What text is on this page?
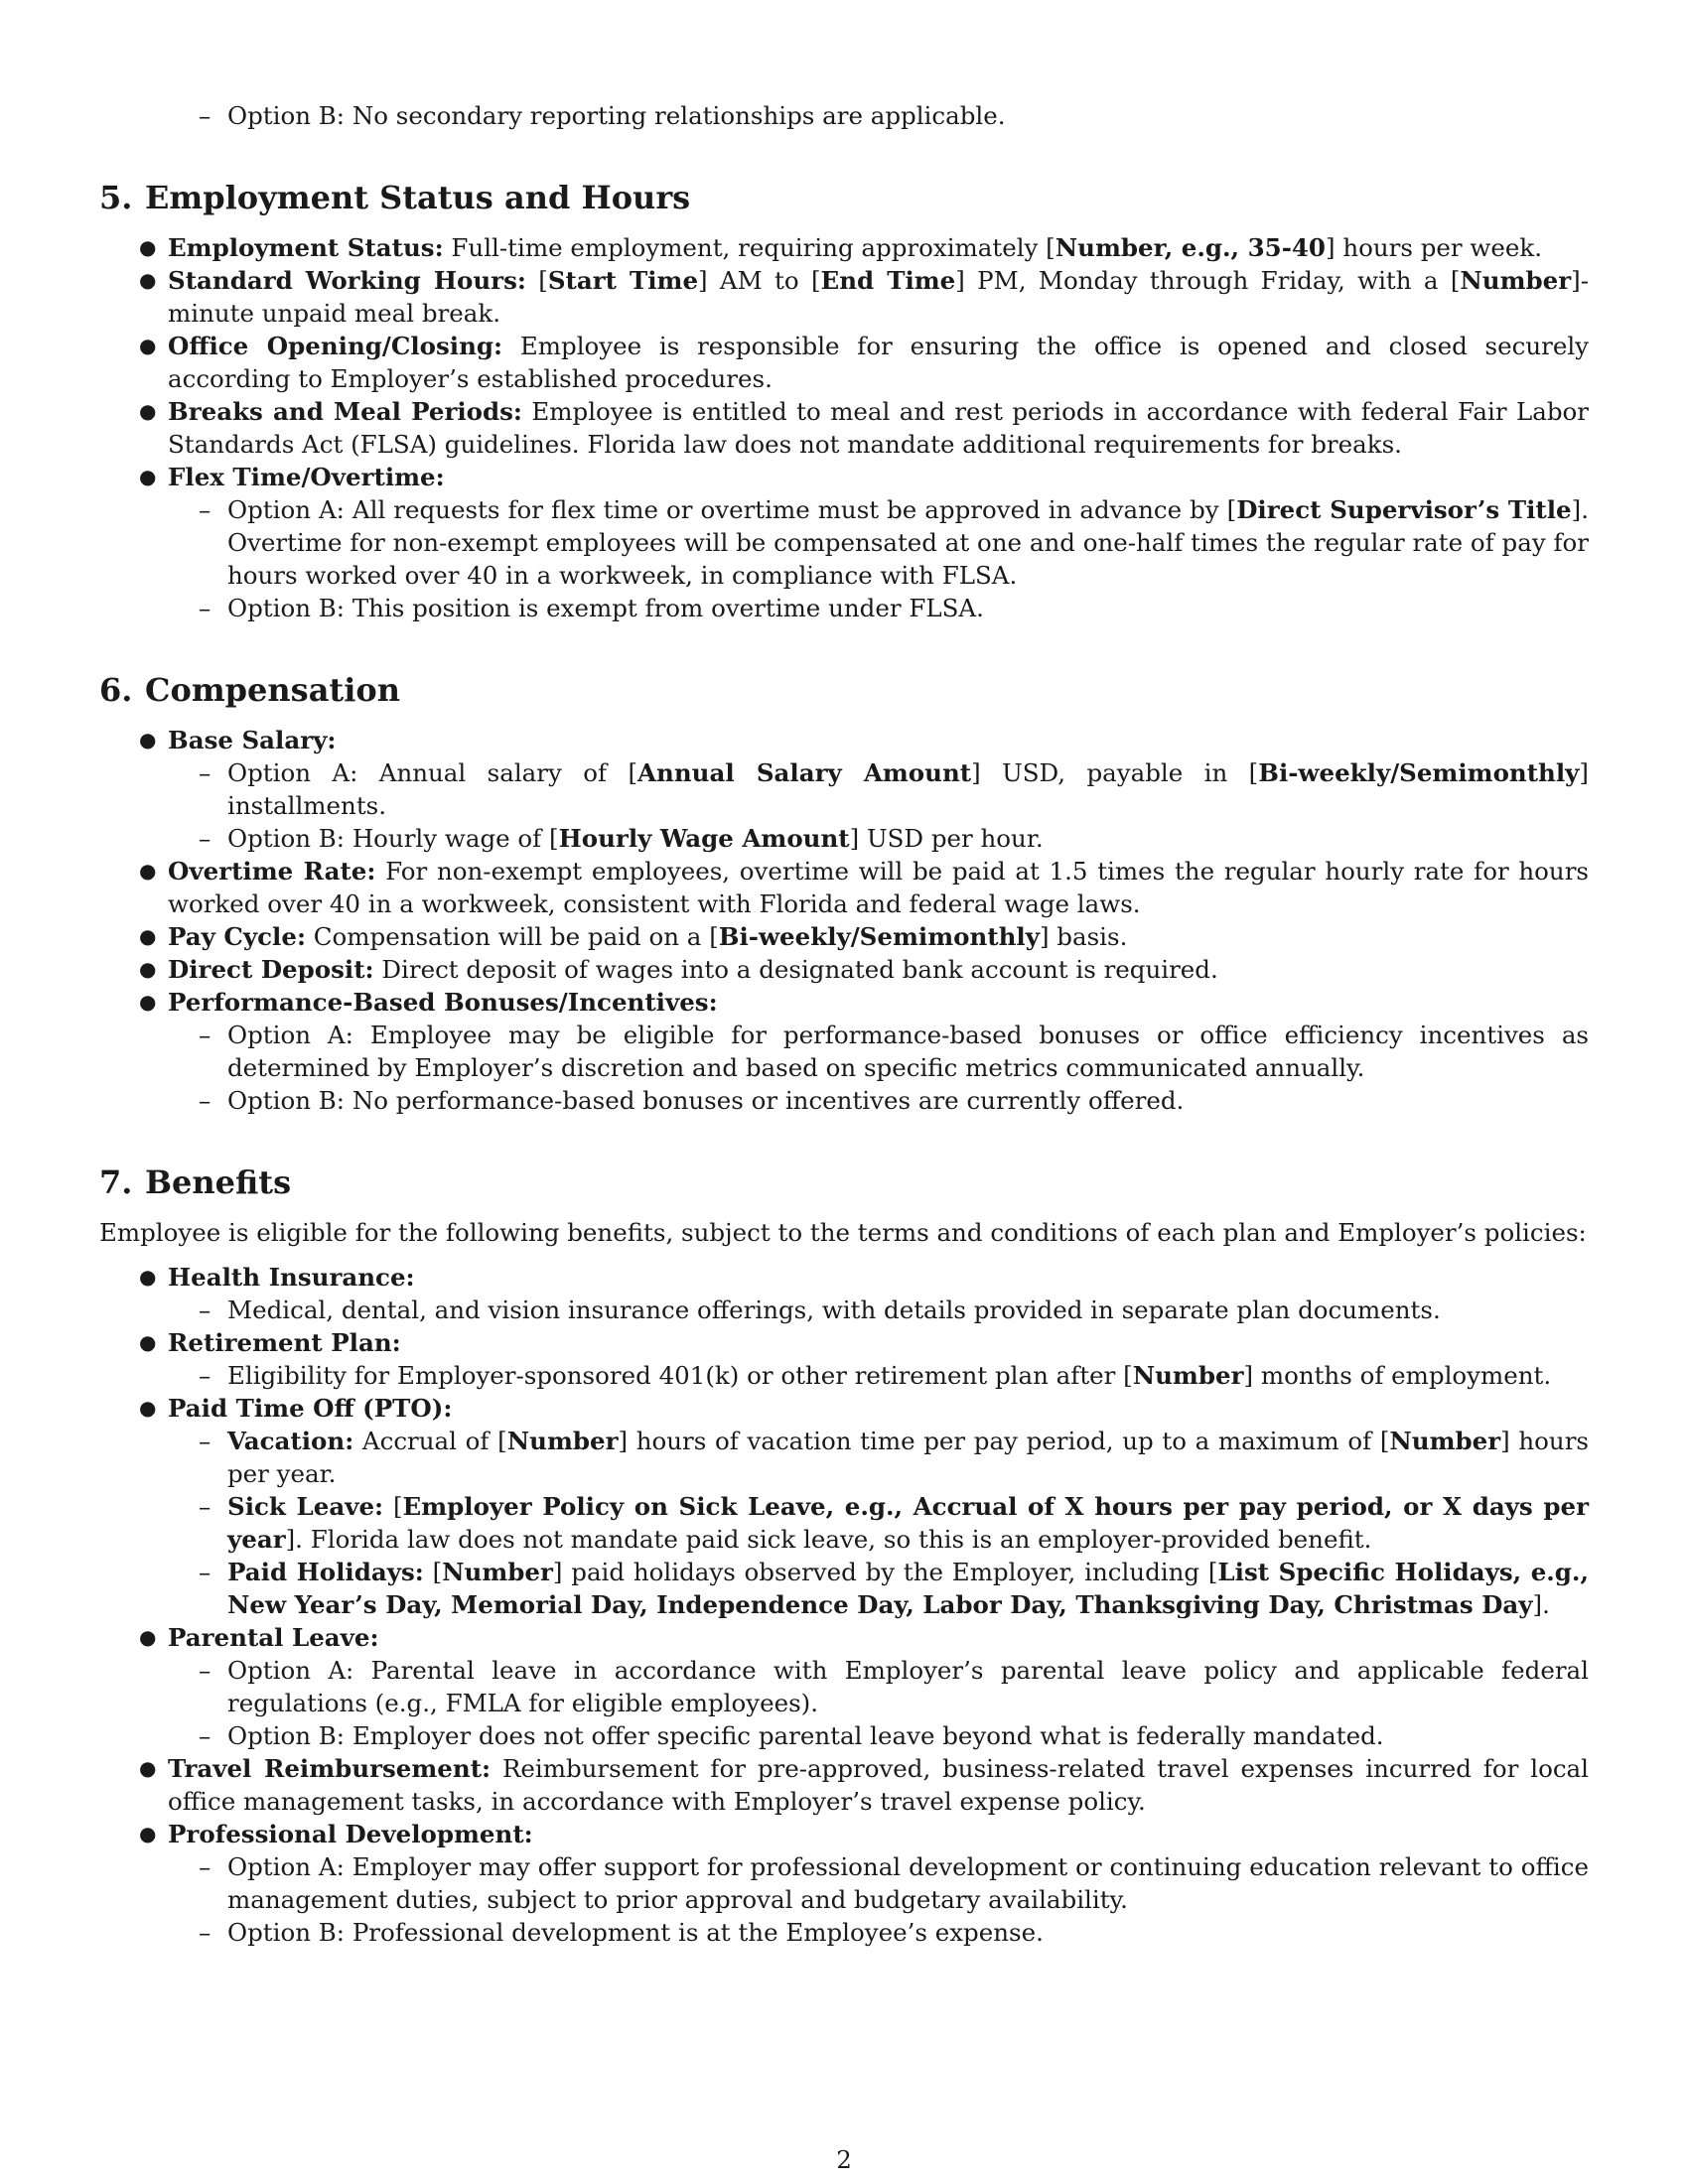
– Option B: No secondary reporting relationships are applicable.
5. Employment Status and Hours
● Employment Status: Full-time employment, requiring approximately [Number, e.g., 35-40] hours per week.
● Standard Working Hours: [Start Time] AM to [End Time] PM, Monday through Friday, with a [Number]-minute unpaid meal break.
● Office Opening/Closing: Employee is responsible for ensuring the office is opened and closed securely according to Employer’s established procedures.
● Breaks and Meal Periods: Employee is entitled to meal and rest periods in accordance with federal Fair Labor Standards Act (FLSA) guidelines. Florida law does not mandate additional requirements for breaks.
● Flex Time/Overtime:
– Option A: All requests for flex time or overtime must be approved in advance by [Direct Supervisor’s Title]. Overtime for non-exempt employees will be compensated at one and one-half times the regular rate of pay for hours worked over 40 in a workweek, in compliance with FLSA.
– Option B: This position is exempt from overtime under FLSA.
6. Compensation
● Base Salary:
– Option A: Annual salary of [Annual Salary Amount] USD, payable in [Bi-weekly/Semimonthly] installments.
– Option B: Hourly wage of [Hourly Wage Amount] USD per hour.
● Overtime Rate: For non-exempt employees, overtime will be paid at 1.5 times the regular hourly rate for hours worked over 40 in a workweek, consistent with Florida and federal wage laws.
● Pay Cycle: Compensation will be paid on a [Bi-weekly/Semimonthly] basis.
● Direct Deposit: Direct deposit of wages into a designated bank account is required.
● Performance-Based Bonuses/Incentives:
– Option A: Employee may be eligible for performance-based bonuses or office efficiency incentives as determined by Employer’s discretion and based on specific metrics communicated annually.
– Option B: No performance-based bonuses or incentives are currently offered.
7. Benefits
Employee is eligible for the following benefits, subject to the terms and conditions of each plan and Employer’s policies:
● Health Insurance:
– Medical, dental, and vision insurance offerings, with details provided in separate plan documents.
● Retirement Plan:
– Eligibility for Employer-sponsored 401(k) or other retirement plan after [Number] months of employment.
● Paid Time Off (PTO):
– Vacation: Accrual of [Number] hours of vacation time per pay period, up to a maximum of [Number] hours per year.
– Sick Leave: [Employer Policy on Sick Leave, e.g., Accrual of X hours per pay period, or X days per year]. Florida law does not mandate paid sick leave, so this is an employer-provided benefit.
– Paid Holidays: [Number] paid holidays observed by the Employer, including [List Specific Holidays, e.g., New Year’s Day, Memorial Day, Independence Day, Labor Day, Thanksgiving Day, Christmas Day].
● Parental Leave:
– Option A: Parental leave in accordance with Employer’s parental leave policy and applicable federal regulations (e.g., FMLA for eligible employees).
– Option B: Employer does not offer specific parental leave beyond what is federally mandated.
● Travel Reimbursement: Reimbursement for pre-approved, business-related travel expenses incurred for local office management tasks, in accordance with Employer’s travel expense policy.
● Professional Development:
– Option A: Employer may offer support for professional development or continuing education relevant to office management duties, subject to prior approval and budgetary availability.
– Option B: Professional development is at the Employee’s expense.
2
